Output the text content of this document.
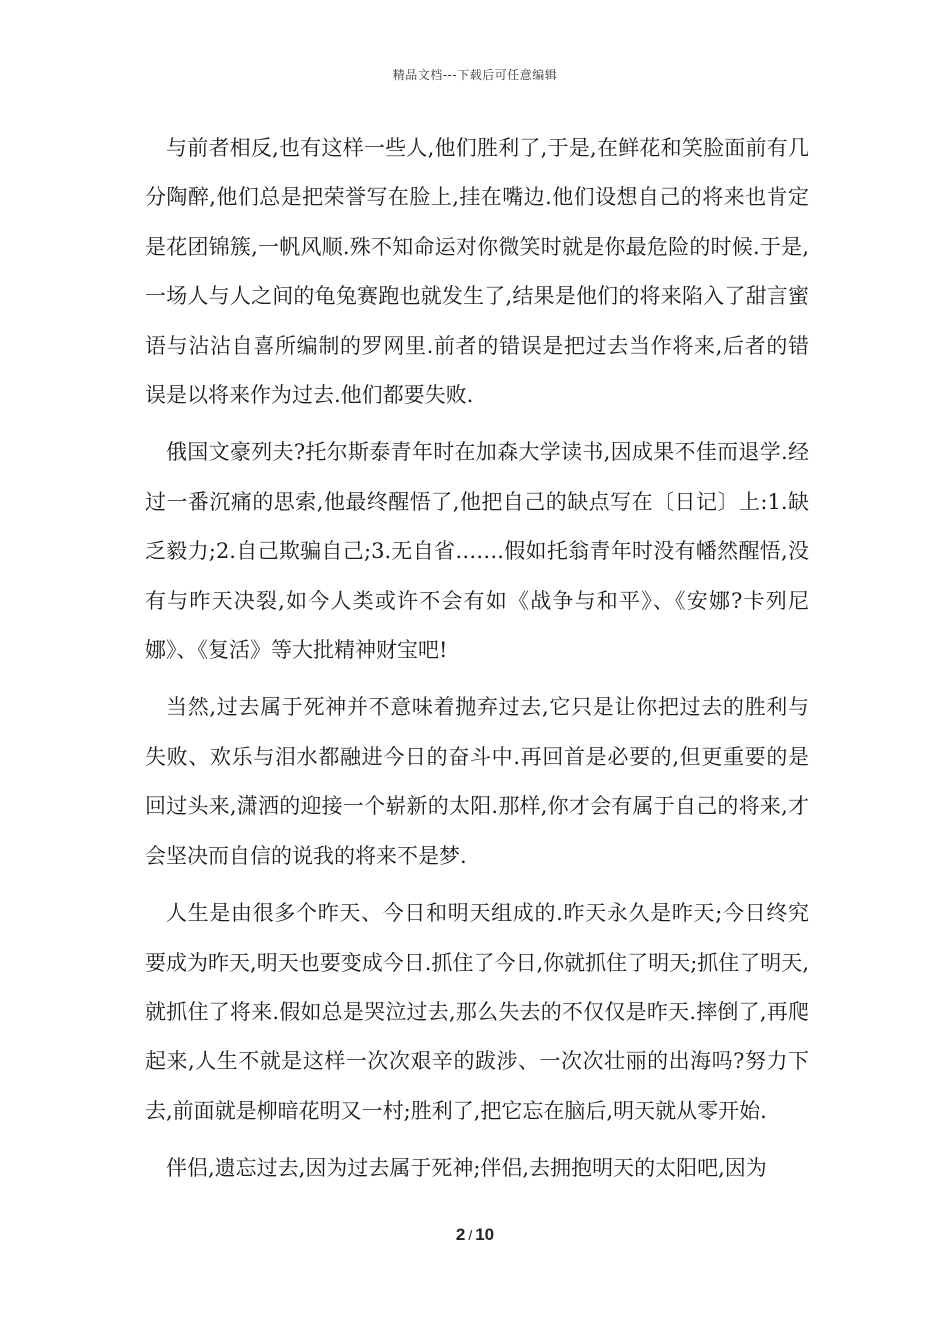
精品文档---下载后可任意编辑

与前者相反,也有这样一些人,他们胜利了,于是,在鲜花和笑脸面前有几分陶醉,他们总是把荣誉写在脸上,挂在嘴边.他们设想自己的将来也肯定是花团锦簇,一帆风顺.殊不知命运对你微笑时就是你最危险的时候.于是,一场人与人之间的龟兔赛跑也就发生了,结果是他们的将来陷入了甜言蜜语与沾沾自喜所编制的罗网里.前者的错误是把过去当作将来,后者的错误是以将来作为过去.他们都要失败.

俄国文豪列夫?托尔斯泰青年时在加森大学读书,因成果不佳而退学.经过一番沉痛的思索,他最终醒悟了,他把自己的缺点写在〔日记〕上:1.缺乏毅力;2.自己欺骗自己;3.无自省…….假如托翁青年时没有幡然醒悟,没有与昨天决裂,如今人类或许不会有如《战争与和平》、《安娜?卡列尼娜》、《复活》等大批精神财宝吧!

当然,过去属于死神并不意味着抛弃过去,它只是让你把过去的胜利与失败、欢乐与泪水都融进今日的奋斗中.再回首是必要的,但更重要的是回过头来,潇洒的迎接一个崭新的太阳.那样,你才会有属于自己的将来,才会坚决而自信的说我的将来不是梦.

人生是由很多个昨天、今日和明天组成的.昨天永久是昨天;今日终究要成为昨天,明天也要变成今日.抓住了今日,你就抓住了明天;抓住了明天,就抓住了将来.假如总是哭泣过去,那么失去的不仅仅是昨天.摔倒了,再爬起来,人生不就是这样一次次艰辛的跋涉、一次次壮丽的出海吗?努力下去,前面就是柳暗花明又一村;胜利了,把它忘在脑后,明天就从零开始.

伴侣,遗忘过去,因为过去属于死神;伴侣,去拥抱明天的太阳吧,因为

2 / 10
